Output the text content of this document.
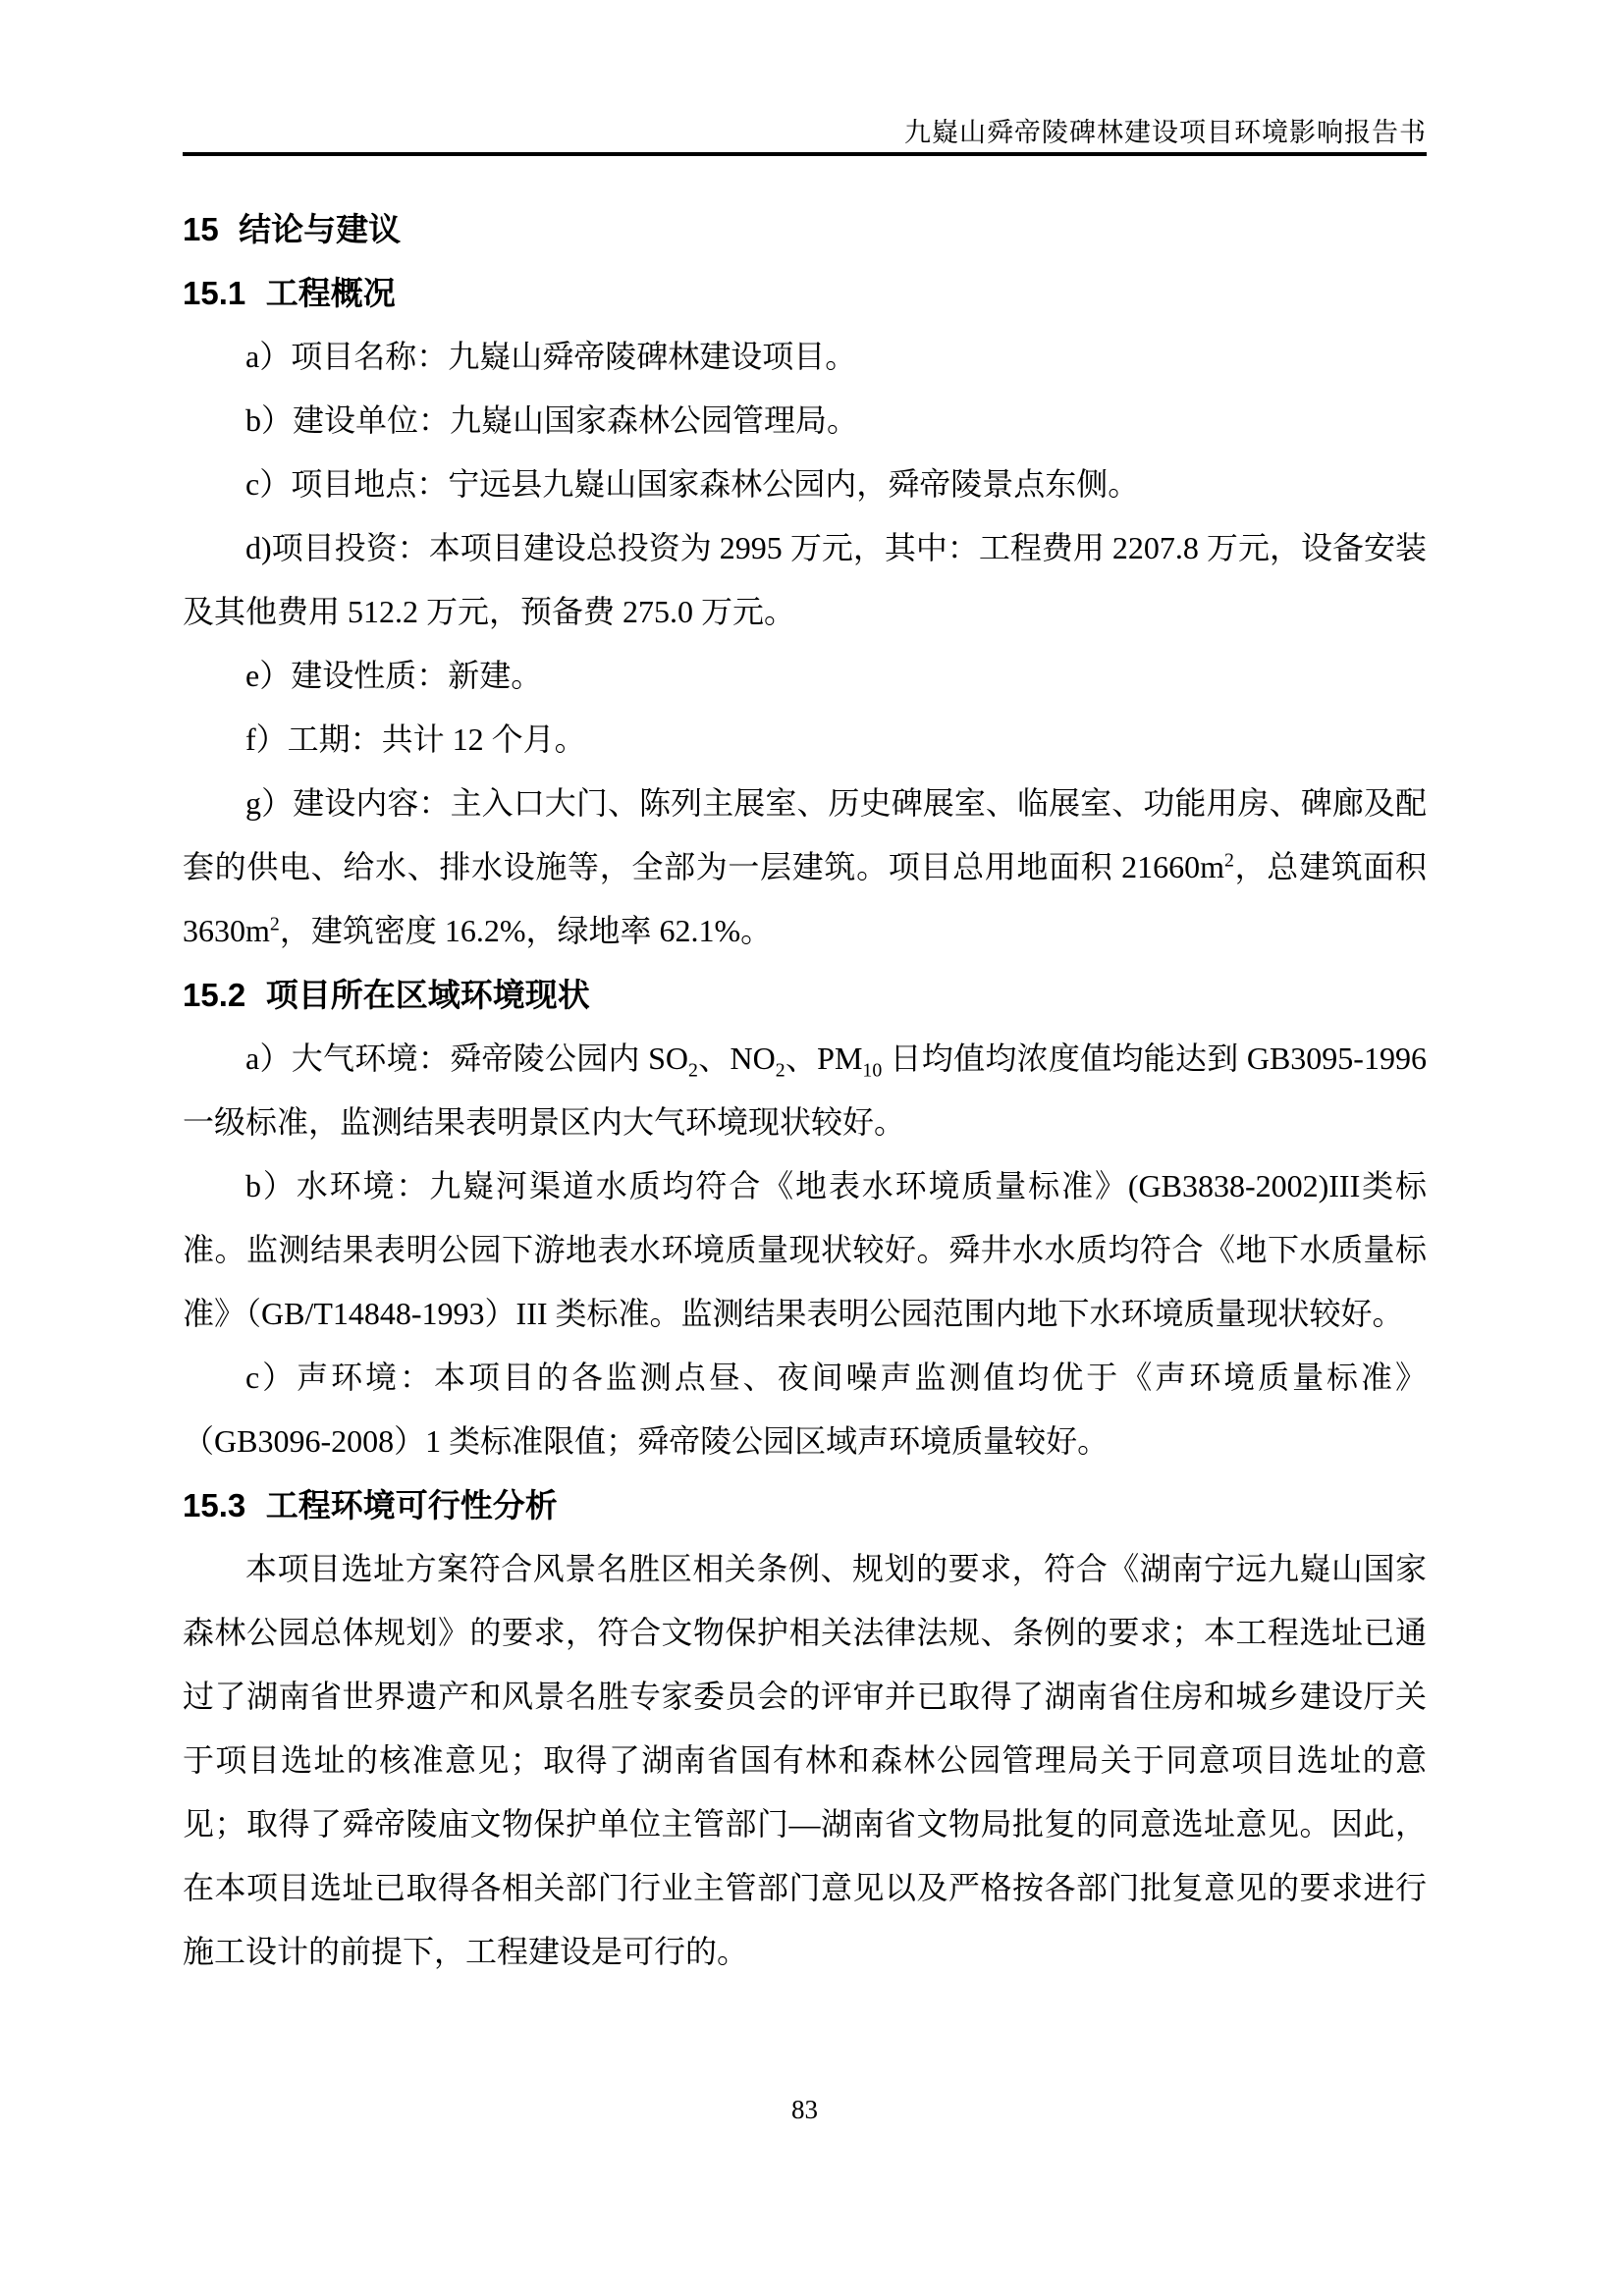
九嶷山舜帝陵碑林建设项目环境影响报告书
15 结论与建议
15.1 工程概况

a）项目名称：九嶷山舜帝陵碑林建设项目。

b）建设单位：九嶷山国家森林公园管理局。

c）项目地点：宁远县九嶷山国家森林公园内，舜帝陵景点东侧。

d)项目投资：本项目建设总投资为 2995 万元，其中：工程费用 2207.8 万元，设备安装及其他费用 512.2 万元，预备费 275.0 万元。

e）建设性质：新建。

f）工期：共计 12 个月。

g）建设内容：主入口大门、陈列主展室、历史碑展室、临展室、功能用房、碑廊及配套的供电、给水、排水设施等，全部为一层建筑。项目总用地面积 $21660m^2$，总建筑面积 $3630m^2$，建筑密度 16.2%，绿地率 62.1%。

15.2 项目所在区域环境现状

a）大气环境：舜帝陵公园内 $SO_2$、$NO_2$、$PM_{10}$ 日均值均浓度值均能达到 GB3095-1996 一级标准，监测结果表明景区内大气环境现状较好。

b）水环境：九嶷河渠道水质均符合《地表水环境质量标准》(GB3838-2002)III类标准。监测结果表明公园下游地表水环境质量现状较好。舜井水水质均符合《地下水质量标准》（GB/T14848-1993）III 类标准。监测结果表明公园范围内地下水环境质量现状较好。

c）声环境：本项目的各监测点昼、夜间噪声监测值均优于《声环境质量标准》（GB3096-2008）1 类标准限值；舜帝陵公园区域声环境质量较好。

15.3 工程环境可行性分析

本项目选址方案符合风景名胜区相关条例、规划的要求，符合《湖南宁远九嶷山国家森林公园总体规划》的要求，符合文物保护相关法律法规、条例的要求；本工程选址已通过了湖南省世界遗产和风景名胜专家委员会的评审并已取得了湖南省住房和城乡建设厅关于项目选址的核准意见；取得了湖南省国有林和森林公园管理局关于同意项目选址的意见；取得了舜帝陵庙文物保护单位主管部门—湖南省文物局批复的同意选址意见。因此，在本项目选址已取得各相关部门行业主管部门意见以及严格按各部门批复意见的要求进行施工设计的前提下，工程建设是可行的。

83
